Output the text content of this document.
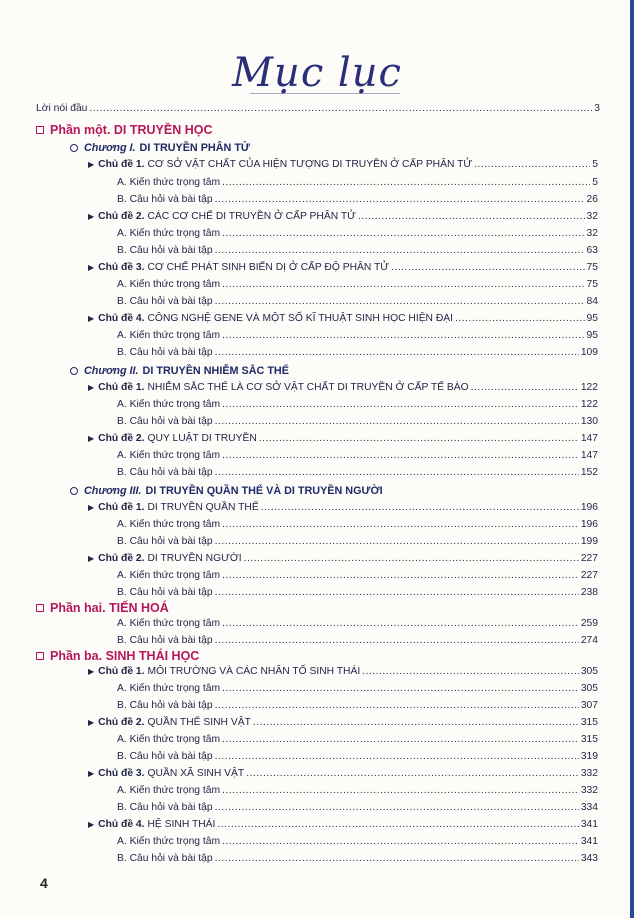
Mục lục
Lời nói đầu .....	3
Phần một. DI TRUYỀN HỌC
Chương I. DI TRUYỀN PHÂN TỬ
▶ Chủ đề 1. CƠ SỞ VẬT CHẤT CỦA HIỆN TƯỢNG DI TRUYỀN Ở CẤP PHÂN TỬ .....	5
A. Kiến thức trọng tâm .....	5
B. Câu hỏi và bài tập .....	26
▶ Chủ đề 2. CÁC CƠ CHẾ DI TRUYỀN Ở CẤP PHÂN TỬ .....	32
A. Kiến thức trọng tâm .....	32
B. Câu hỏi và bài tập .....	63
▶ Chủ đề 3. CƠ CHẾ PHÁT SINH BIẾN DỊ Ở CẤP ĐỘ PHÂN TỬ .....	75
A. Kiến thức trọng tâm .....	75
B. Câu hỏi và bài tập .....	84
▶ Chủ đề 4. CÔNG NGHỆ GENE VÀ MỘT SỐ KĨ THUẬT SINH HỌC HIỆN ĐẠI .....	95
A. Kiến thức trọng tâm .....	95
B. Câu hỏi và bài tập .....	109
Chương II. DI TRUYỀN NHIỄM SẮC THỂ
▶ Chủ đề 1. NHIỄM SẮC THỂ LÀ CƠ SỞ VẬT CHẤT DI TRUYỀN Ở CẤP TẾ BÀO .....	122
A. Kiến thức trọng tâm .....	122
B. Câu hỏi và bài tập .....	130
▶ Chủ đề 2. QUY LUẬT DI TRUYỀN .....	147
A. Kiến thức trọng tâm .....	147
B. Câu hỏi và bài tập .....	152
Chương III. DI TRUYỀN QUẦN THỂ VÀ DI TRUYỀN NGƯỜI
▶ Chủ đề 1. DI TRUYỀN QUẦN THỂ .....	196
A. Kiến thức trọng tâm .....	196
B. Câu hỏi và bài tập .....	199
▶ Chủ đề 2. DI TRUYỀN NGƯỜI .....	227
A. Kiến thức trọng tâm .....	227
B. Câu hỏi và bài tập .....	238
Phần hai. TIẾN HOÁ
A. Kiến thức trọng tâm .....	259
B. Câu hỏi và bài tập .....	274
Phần ba. SINH THÁI HỌC
▶ Chủ đề 1. MÔI TRƯỜNG VÀ CÁC NHÂN TỐ SINH THÁI .....	305
A. Kiến thức trọng tâm .....	305
B. Câu hỏi và bài tập .....	307
▶ Chủ đề 2. QUẦN THỂ SINH VẬT .....	315
A. Kiến thức trọng tâm .....	315
B. Câu hỏi và bài tập .....	319
▶ Chủ đề 3. QUẦN XÃ SINH VẬT .....	332
A. Kiến thức trọng tâm .....	332
B. Câu hỏi và bài tập .....	334
▶ Chủ đề 4. HỆ SINH THÁI .....	341
A. Kiến thức trọng tâm .....	341
B. Câu hỏi và bài tập .....	343
4
